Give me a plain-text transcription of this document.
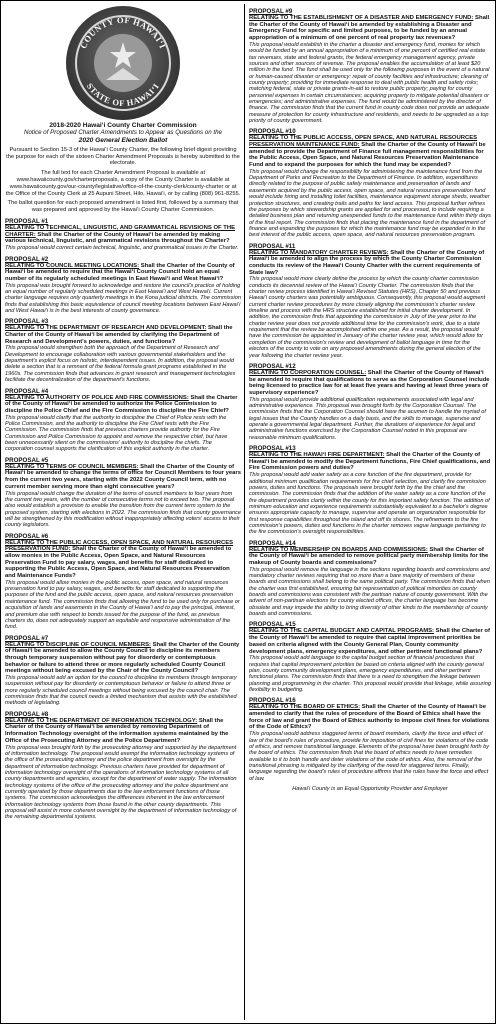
COUNTY OF HAWAI‘I
STATE OF HAWAI‘I
2018-2020 Hawai‘i County Charter Commission
Notice of Proposed Charter Amendments to Appear as Questions on the
2020 General Election Ballot

Pursuant to Section 15-3 of the Hawai‘i County Charter, the following brief digest providing the purpose for each of the sixteen Charter Amendment Proposals is hereby submitted to the electorate.

The full text for each Charter Amendment Proposal is available at www.hawaiicounty.gov/charterproposals, a copy of the County Charter is available at www.hawaiicounty.gov/our-county/legislative/office-of-the-county-clerk/county-charter or at the Office of the County Clerk at 25 Aupuni Street, Hilo, Hawai‘i, or by calling (808) 961-8255.

The ballot question for each proposed amendment is listed first, followed by a summary that was prepared and approved by the Hawai‘i County Charter Commission.

PROPOSAL #1
RELATING TO TECHNICAL, LINGUISTIC, AND GRAMMATICAL REVISIONS OF THE CHARTER: Shall the Charter of the County of Hawai‘i be amended by making various technical, linguistic, and grammatical revisions throughout the Charter?

This proposal would correct certain technical, linguistic, and grammatical issues in the Charter.

PROPOSAL #2
RELATING TO COUNCIL MEETING LOCATIONS: Shall the Charter of the County of Hawai‘i be amended to require that the Hawai‘i County Council hold an equal number of its regularly scheduled meetings in East Hawai‘i and West Hawai‘i?

This proposal was brought forward to acknowledge and restore the council's practice of holding an equal number of regularly scheduled meetings in East Hawai‘i and West Hawai‘i. Current charter language requires only quarterly meetings in the Kona judicial districts. The commission finds that establishing this basic equivalence of council meeting locations between East Hawai‘i and West Hawai‘i is in the best interests of county governance.

PROPOSAL #3
RELATING TO THE DEPARTMENT OF RESEARCH AND DEVELOPMENT: Shall the Charter of the County of Hawai‘i be amended by clarifying the Department of Research and Development's powers, duties, and functions?

This proposal would strengthen both the approach of the Department of Research and Development to encourage collaboration with various governmental stakeholders and the department's explicit focus on holistic, interdependent issues. In addition, the proposal would delete a section that is a remnant of the federal formula grant programs established in the 1960s. The commission finds that advances in grant research and management technologies facilitate the decentralization of the department's functions.

PROPOSAL #4
RELATING TO AUTHORITY OF POLICE AND FIRE COMMISSIONS: Shall the Charter of the County of Hawai‘i be amended to authorize the Police Commission to discipline the Police Chief and the Fire Commission to discipline the Fire Chief?

This proposal would clarify that the authority to discipline the Chief of Police rests with the Police Commission, and the authority to discipline the Fire Chief rests with the Fire Commission. The commission finds that previous charters provide authority for the Fire Commission and Police Commission to appoint and remove the respective chief, but have been unnecessarily silent on the commissions' authority to discipline the chiefs. The corporation counsel supports the clarification of this explicit authority in the charter.

PROPOSAL #5
RELATING TO TERMS OF COUNCIL MEMBERS: Shall the Charter of the County of Hawai‘i be amended to change the terms of office for Council Members to four years from the current two years, starting with the 2022 County Council term, with no current member serving more than eight consecutive years?

This proposal would change the duration of the terms of council members to four years from the current two years, with the number of consecutive terms not to exceed two. The proposal also would establish a provision to enable the transition from the current term system to the proposed system, starting with elections in 2022. The commission finds that county governance will be strengthened by this modification without inappropriately affecting voters' access to their county legislators.

PROPOSAL #6
RELATING TO THE PUBLIC ACCESS, OPEN SPACE, AND NATURAL RESOURCES PRESERVATION FUND: Shall the Charter of the County of Hawai‘i be amended to allow monies in the Public Access, Open Space, and Natural Resources Preservation Fund to pay salary, wages, and benefits for staff dedicated to supporting the Public Access, Open Space, and Natural Resources Preservation and Maintenance Funds?

This proposal would allow monies in the public access, open space, and natural resources preservation fund to pay salary, wages, and benefits for staff dedicated to supporting the purposes of the fund and the public access, open space, and natural resources preservation maintenance fund. The commission finds that allowing the fund to be used only for purchase or acquisition of lands and easements in the County of Hawai‘i and to pay the principal, interest, and premium due with respect to bonds issued for the purpose of the fund, as previous charters do, does not adequately support an equitable and responsive administration of the fund.

PROPOSAL #7
RELATING TO DISCIPLINE OF COUNCIL MEMBERS: Shall the Charter of the County of Hawai‘i be amended to allow the County Council to discipline its members through temporary suspension without pay for disorderly or contemptuous behavior or failure to attend three or more regularly scheduled County Council meetings without being excused by the Chair of the County Council?

This proposal would add an option for the council to discipline its members through temporary suspension without pay for disorderly or contemptuous behavior or failure to attend three or more regularly scheduled council meetings without being excused by the council chair. The commission finds that the council needs a limited mechanism that assists with the established methods of legislating.

PROPOSAL #8
RELATING TO THE DEPARTMENT OF INFORMATION TECHNOLOGY: Shall the Charter of the County of Hawai‘i be amended by removing Department of Information Technology oversight of the information systems maintained by the Office of the Prosecuting Attorney and the Police Department?

This proposal was brought forth by the prosecuting attorney and supported by the department of information technology. The proposal would exempt the information technology systems of the office of the prosecuting attorney and the police department from oversight by the department of information technology. Previous charters have provided for department of information technology oversight of the operations of information technology systems of all county departments and agencies, except for the department of water supply. The information technology systems of the office of the prosecuting attorney and the police department are currently operated by those departments due to the law enforcement functions of those systems. The commission acknowledges the differences inherent in the law enforcement information technology systems from those found in the other county departments. This proposal will assist in more coherent oversight by the department of information technology of the remaining departmental systems.

PROPOSAL #9
RELATING TO THE ESTABLISHMENT OF A DISASTER AND EMERGENCY FUND: Shall the Charter of the County of Hawai‘i be amended by establishing a Disaster and Emergency Fund for specific and limited purposes, to be funded by an annual appropriation of a minimum of one percent of real property tax revenues?

This proposal would establish in the charter a disaster and emergency fund, monies for which would be funded by an annual appropriation of a minimum of one percent of certified real estate tax revenues, state and federal grants, the federal emergency management agency, private sources and other sources of revenue. The proposal enables the accumulation of at least $20 million in the fund. The fund shall be used only for the following purposes in the event of a natural or human-caused disaster or emergency: repair of county facilities and infrastructure; cleaning of county property; providing for immediate response to deal with public health and safety risks; matching federal, state or private grants-in-aid to restore public property; paying for county personnel expenses in certain circumstances; acquiring property to mitigate potential disasters or emergencies; and administrative expenses. The fund would be administered by the director of finance. The commission finds that the current fund in county code does not provide an adequate measure of protection for county infrastructure and residents, and needs to be upgraded as a top priority of county government.

PROPOSAL #10
RELATING TO THE PUBLIC ACCESS, OPEN SPACE, AND NATURAL RESOURCES PRESERVATION MAINTENANCE FUND: Shall the Charter of the County of Hawai‘i be amended to provide the Department of Finance full management responsibilities for the Public Access, Open Space, and Natural Resources Preservation Maintenance Fund and to expand the purposes for which the fund may be expended?

This proposal would change the responsibility for administering the maintenance fund from the Department of Parks and Recreation to the Department of Finance. In addition, expenditures directly related to the purpose of public safety maintenance and preservation of lands and easements acquired by the public access, open space, and natural resources preservation fund would include hiring and installing toilet facilities, maintenance equipment storage sheds, weather protection structures, and creating trails and paths for land access. This proposal further refines the purposes by which stewardship grants are applied for and processed, to include requiring a detailed business plan and returning unexpended funds to the maintenance fund within thirty days of the final report. The commission finds that placing the maintenance fund in the department of finance and expanding the purposes for which the maintenance fund may be expended is in the best interest of the public access, open space, and natural resources preservation program.

PROPOSAL #11
RELATING TO MANDATORY CHARTER REVIEWS: Shall the Charter of the County of Hawai‘i be amended to align the process by which the County Charter Commission conducts its review of the Hawai‘i County Charter with the current requirements of State law?

This proposal would more clearly define the process by which the county charter commission conducts its decennial review of the Hawai‘i County Charter. The commission finds that the charter review process identified in Hawai‘i Revised Statutes (HRS), Chapter 50 and previous Hawai‘i county charters was potentially ambiguous. Consequently, this proposal would augment current charter review procedures by more closely aligning the commission's charter review timeline and process with the HRS structure established for initial charter development. In addition, the commission finds that appointing the commission in July of the year prior to the charter review year does not provide additional time for the commission's work, due to a state requirement that the review be accomplished within one year. As a result, the proposal would have the commission be appointed in January of the charter review year, which would allow for completion of the commission's review and development of ballot language in time for the electors of the county to vote on any proposed amendments during the general election of the year following the charter review year.

PROPOSAL #12
RELATING TO CORPORATION COUNSEL: Shall the Charter of the County of Hawai‘i be amended to require that qualifications to serve as the Corporation Counsel include being licensed to practice law for at least five years and having at least three years of supervisory experience?

This proposal would provide additional qualification requirements associated with legal and administrative experience. This proposal was brought forth by the Corporation Counsel. The commission finds that the Corporation Counsel should have the acumen to handle the myriad of legal issues that the County handles on a daily basis, and the skills to manage, supervise and operate a governmental legal department. Further, the durations of experience for legal and administrative functions exercised by the Corporation Counsel noted in this proposal are reasonable minimum qualifications.

PROPOSAL #13
RELATING TO THE HAWAI‘I FIRE DEPARTMENT: Shall the Charter of the County of Hawai‘i be amended to modify the Department functions, Fire Chief qualifications, and Fire Commission powers and duties?

This proposal would add water safety as a core function of the fire department, provide for additional minimum qualification requirements for fire chief selection, and clarify fire commission powers, duties and functions. The proposals were brought forth by the fire chief and the commission. The commission finds that the addition of the water safety as a core function of the fire department provides clarity within the county for this important safety function. The addition of minimum education and experience requirements substantially equivalent to a bachelor's degree ensures appropriate capacity to manage, supervise and operate an organization responsible for first response capabilities throughout the island and off its shores. The refinements to the fire commission's powers, duties and functions in the charter removes vague language pertaining to the fire commission's oversight responsibilities.

PROPOSAL #14
RELATING TO MEMBERSHIP ON BOARDS AND COMMISSIONS: Shall the Charter of the County of Hawai‘i be amended to remove political party membership limits for the makeup of County boards and commissions?

This proposal would remove the language in the sections regarding boards and commissions and mandatory charter reviews requiring that no more than a bare majority of members of these boards and commissions shall belong to the same political party. The commission finds that when the charter was first established, ensuring fair representation of political minorities on county boards and commissions was consistent with the partisan nature of county government. With the advent of non-partisan elections for county elected offices, the charter language has become obsolete and may impede the ability to bring diversity of other kinds to the membership of county boards and commissions.

PROPOSAL #15
RELATING TO THE CAPITAL BUDGET AND CAPITAL PROGRAMS: Shall the Charter of the County of Hawai‘i be amended to require that capital improvement priorities be based on criteria aligned with the County General Plan, County community development plans, emergency expenditures, and other pertinent functional plans?

This proposal would add language to the capital budget section of financial procedures that requires that capital improvement priorities be based on criteria aligned with the county general plan, county community development plans, emergency expenditures, and other pertinent functional plans. The commission finds that there is a need to strengthen the linkage between planning and programming in the charter. This proposal would provide that linkage, while assuring flexibility in budgeting.

PROPOSAL #16
RELATING TO THE BOARD OF ETHICS: Shall the Charter of the County of Hawai‘i be amended to clarify that the rules of procedure of the Board of Ethics shall have the force of law and grant the Board of Ethics authority to impose civil fines for violations of the Code of Ethics?

This proposal would address staggered terms of board members, clarify the force and effect of law of the board's rules of procedure, provide for imposition of civil fines for violations of the code of ethics, and remove transitional language. Elements of the proposal have been brought forth by the board of ethics. The commission finds that the board of ethics needs to have remedies available to it to both handle and deter violations of the code of ethics. Also, the removal of the transitional phrasing is mitigated by the clarifying of the need for staggered terms. Finally, language regarding the board's rules of procedure affirms that the rules have the force and effect of law.

Hawai‘i County is an Equal Opportunity Provider and Employer
